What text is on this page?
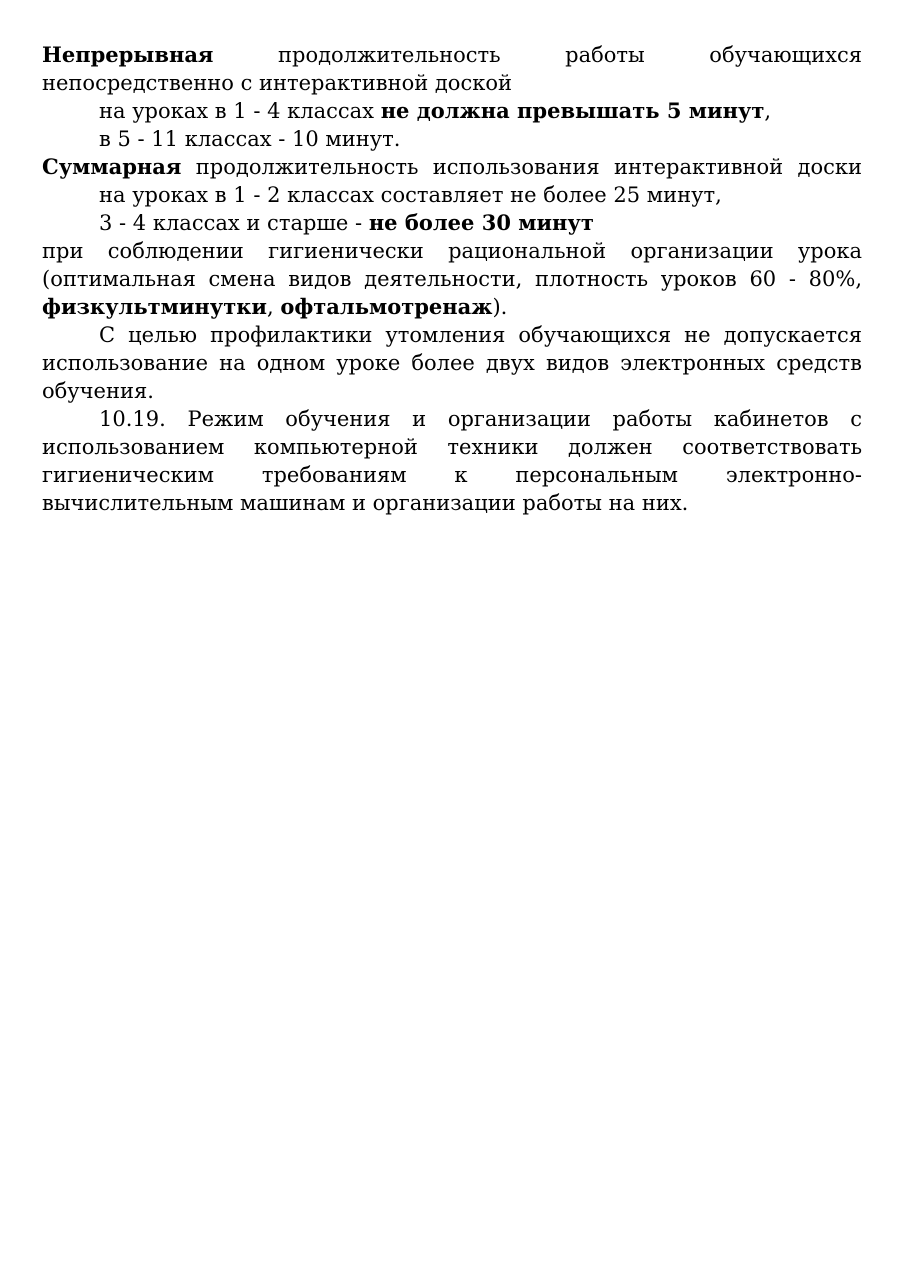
Непрерывная продолжительность работы обучающихся
непосредственно с интерактивной доской
на уроках в 1 - 4 классах не должна превышать 5 минут,
в 5 - 11 классах - 10 минут.
Суммарная продолжительность использования интерактивной доски
на уроках в 1 - 2 классах составляет не более 25 минут,
3 - 4 классах и старше - не более 30 минут
при соблюдении гигиенически рациональной организации урока
(оптимальная смена видов деятельности, плотность уроков 60 - 80%,
физкультминутки, офтальмотренаж).
С целью профилактики утомления обучающихся не допускается
использование на одном уроке более двух видов электронных средств
обучения.
10.19. Режим обучения и организации работы кабинетов с
использованием компьютерной техники должен соответствовать
гигиеническим требованиям к персональным электронно-
вычислительным машинам и организации работы на них.
